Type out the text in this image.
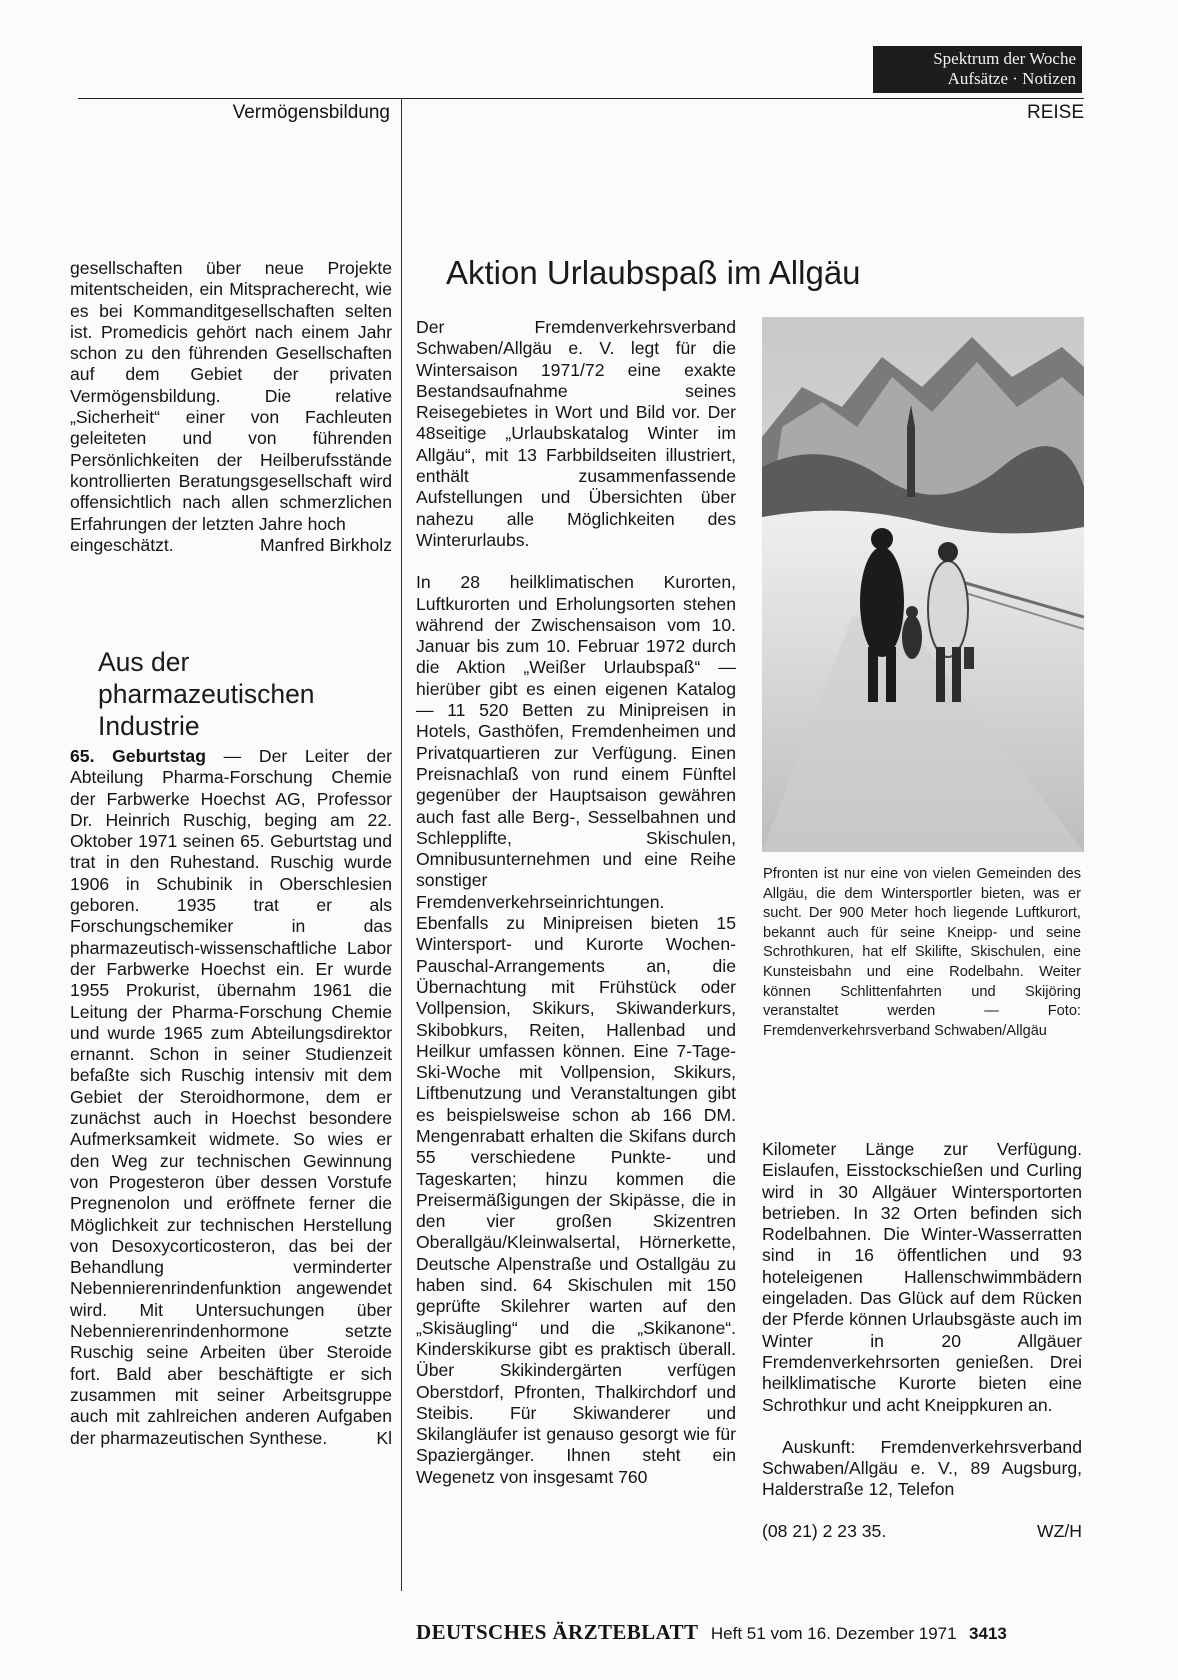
Spektrum der Woche
Aufsätze · Notizen
Vermögensbildung	REISE

gesellschaften über neue Projekte mitentscheiden, ein Mitspracherecht, wie es bei Kommanditgesellschaften selten ist. Promedicis gehört nach einem Jahr schon zu den führenden Gesellschaften auf dem Gebiet der privaten Vermögensbildung. Die relative „Sicherheit“ einer von Fachleuten geleiteten und von führenden Persönlichkeiten der Heilberufsstände kontrollierten Beratungsgesellschaft wird offensichtlich nach allen schmerzlichen Erfahrungen der letzten Jahre hoch

eingeschätzt.	Manfred Birkholz

Aus der pharmazeutischen Industrie

65. Geburtstag — Der Leiter der Abteilung Pharma-Forschung Chemie der Farbwerke Hoechst AG, Professor Dr. Heinrich Ruschig, beging am 22. Oktober 1971 seinen 65. Geburtstag und trat in den Ruhestand. Ruschig wurde 1906 in Schubinik in Oberschlesien geboren. 1935 trat er als Forschungschemiker in das pharmazeutisch-wissenschaftliche Labor der Farbwerke Hoechst ein. Er wurde 1955 Prokurist, übernahm 1961 die Leitung der Pharma-Forschung Chemie und wurde 1965 zum Abteilungsdirektor ernannt. Schon in seiner Studienzeit befaßte sich Ruschig intensiv mit dem Gebiet der Steroidhormone, dem er zunächst auch in Hoechst besondere Aufmerksamkeit widmete. So wies er den Weg zur technischen Gewinnung von Progesteron über dessen Vorstufe Pregnenolon und eröffnete ferner die Möglichkeit zur technischen Herstellung von Desoxycorticosteron, das bei der Behandlung verminderter Nebennierenrindenfunktion angewendet wird. Mit Untersuchungen über Nebennierenrindenhormone setzte Ruschig seine Arbeiten über Steroide fort. Bald aber beschäftigte er sich zusammen mit seiner Arbeitsgruppe auch mit zahlreichen anderen Aufgaben der pharmazeutischen Synthese.	Kl

Aktion Urlaubspaß im Allgäu

Der Fremdenverkehrsverband Schwaben/Allgäu e. V. legt für die Wintersaison 1971/72 eine exakte Bestandsaufnahme seines Reisegebietes in Wort und Bild vor. Der 48seitige „Urlaubskatalog Winter im Allgäu“, mit 13 Farbbildseiten illustriert, enthält zusammenfassende Aufstellungen und Übersichten über nahezu alle Möglichkeiten des Winterurlaubs.

In 28 heilklimatischen Kurorten, Luftkurorten und Erholungsorten stehen während der Zwischensaison vom 10. Januar bis zum 10. Februar 1972 durch die Aktion „Weißer Urlaubspaß“ — hierüber gibt es einen eigenen Katalog — 11 520 Betten zu Minipreisen in Hotels, Gasthöfen, Fremdenheimen und Privatquartieren zur Verfügung. Einen Preisnachlaß von rund einem Fünftel gegenüber der Hauptsaison gewähren auch fast alle Berg-, Sesselbahnen und Schlepplifte, Skischulen, Omnibusunternehmen und eine Reihe sonstiger Fremdenverkehrseinrichtungen. Ebenfalls zu Minipreisen bieten 15 Wintersport- und Kurorte Wochen-Pauschal-Arrangements an, die Übernachtung mit Frühstück oder Vollpension, Skikurs, Skiwanderkurs, Skibobkurs, Reiten, Hallenbad und Heilkur umfassen können. Eine 7-Tage-Ski-Woche mit Vollpension, Skikurs, Liftbenutzung und Veranstaltungen gibt es beispielsweise schon ab 166 DM. Mengenrabatt erhalten die Skifans durch 55 verschiedene Punkte- und Tageskarten; hinzu kommen die Preisermäßigungen der Skipässe, die in den vier großen Skizentren Oberallgäu/Kleinwalsertal, Hörnerkette, Deutsche Alpenstraße und Ostallgäu zu haben sind. 64 Skischulen mit 150 geprüfte Skilehrer warten auf den „Skisäugling“ und die „Skikanone“. Kinderskikurse gibt es praktisch überall. Über Skikindergärten verfügen Oberstdorf, Pfronten, Thalkirchdorf und Steibis. Für Skiwanderer und Skilangläufer ist genauso gesorgt wie für Spaziergänger. Ihnen steht ein Wegenetz von insgesamt 760

Pfronten ist nur eine von vielen Gemeinden des Allgäu, die dem Wintersportler bieten, was er sucht. Der 900 Meter hoch liegende Luftkurort, bekannt auch für seine Kneipp- und seine Schrothkuren, hat elf Skilifte, Skischulen, eine Kunsteisbahn und eine Rodelbahn. Weiter können Schlittenfahrten und Skijöring veranstaltet werden — Foto: Fremdenverkehrsverband Schwaben/Allgäu

Kilometer Länge zur Verfügung. Eislaufen, Eisstockschießen und Curling wird in 30 Allgäuer Wintersportorten betrieben. In 32 Orten befinden sich Rodelbahnen. Die Winter-Wasserratten sind in 16 öffentlichen und 93 hoteleigenen Hallenschwimmbädern eingeladen. Das Glück auf dem Rücken der Pferde können Urlaubsgäste auch im Winter in 20 Allgäuer Fremdenverkehrsorten genießen. Drei heilklimatische Kurorte bieten eine Schrothkur und acht Kneippkuren an.

Auskunft: Fremdenverkehrsverband Schwaben/Allgäu e. V., 89 Augsburg, Halderstraße 12, Telefon

(08 21) 2 23 35.	WZ/H

DEUTSCHES ÄRZTEBLATT Heft 51 vom 16. Dezember 1971 3413
